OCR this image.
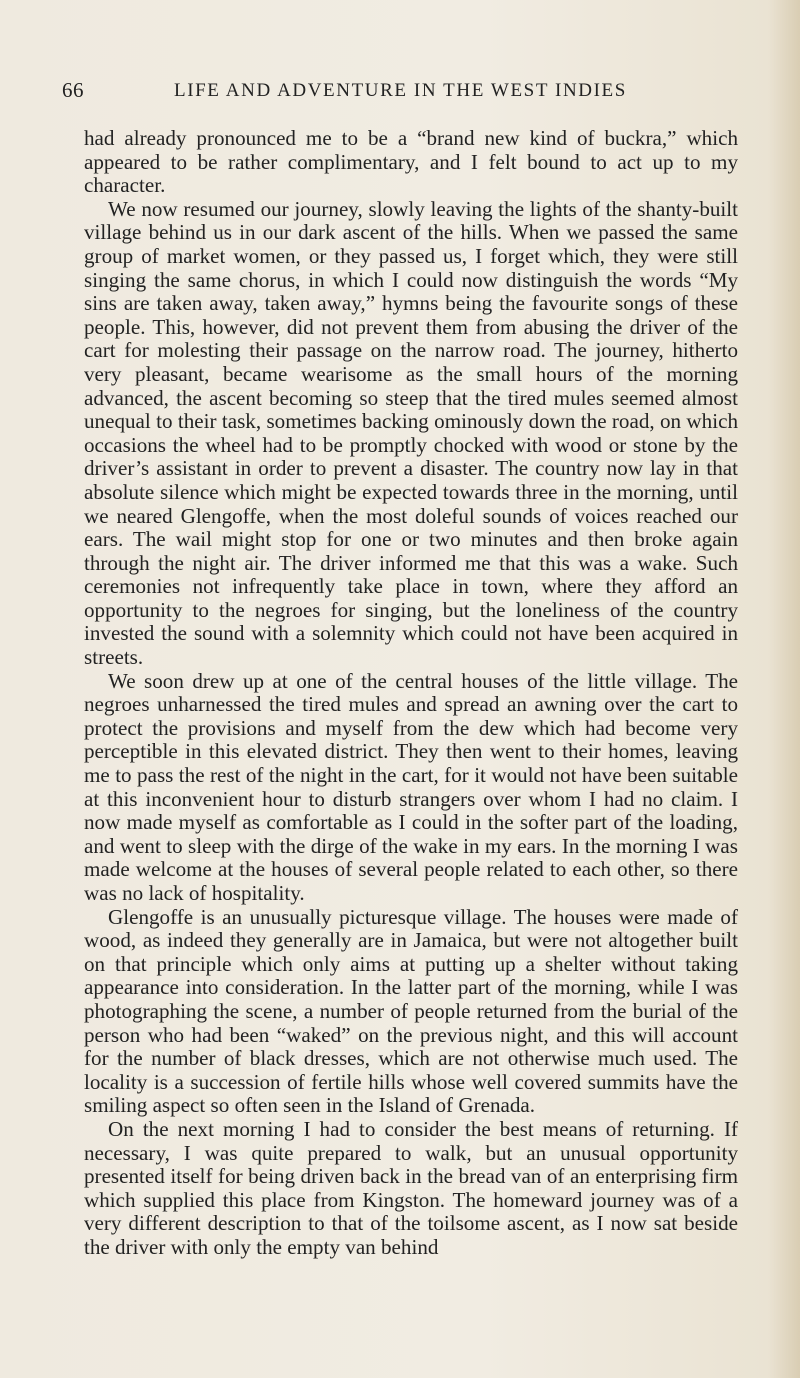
66	LIFE AND ADVENTURE IN THE WEST INDIES

had already pronounced me to be a “brand new kind of buckra,” which appeared to be rather complimentary, and I felt bound to act up to my character.

We now resumed our journey, slowly leaving the lights of the shanty-built village behind us in our dark ascent of the hills. When we passed the same group of market women, or they passed us, I forget which, they were still singing the same chorus, in which I could now distinguish the words “My sins are taken away, taken away,” hymns being the favourite songs of these people. This, however, did not prevent them from abusing the driver of the cart for molesting their passage on the narrow road. The journey, hitherto very pleasant, became wearisome as the small hours of the morning advanced, the ascent becoming so steep that the tired mules seemed almost unequal to their task, sometimes backing ominously down the road, on which occasions the wheel had to be promptly chocked with wood or stone by the driver’s assistant in order to prevent a disaster. The country now lay in that absolute silence which might be expected towards three in the morning, until we neared Glengoffe, when the most doleful sounds of voices reached our ears. The wail might stop for one or two minutes and then broke again through the night air. The driver informed me that this was a wake. Such ceremonies not infrequently take place in town, where they afford an opportunity to the negroes for singing, but the loneliness of the country invested the sound with a solemnity which could not have been acquired in streets.

We soon drew up at one of the central houses of the little village. The negroes unharnessed the tired mules and spread an awning over the cart to protect the provisions and myself from the dew which had become very perceptible in this elevated district. They then went to their homes, leaving me to pass the rest of the night in the cart, for it would not have been suitable at this inconvenient hour to disturb strangers over whom I had no claim. I now made myself as comfortable as I could in the softer part of the loading, and went to sleep with the dirge of the wake in my ears. In the morning I was made welcome at the houses of several people related to each other, so there was no lack of hospitality.

Glengoffe is an unusually picturesque village. The houses were made of wood, as indeed they generally are in Jamaica, but were not altogether built on that principle which only aims at putting up a shelter without taking appearance into consideration. In the latter part of the morning, while I was photographing the scene, a number of people returned from the burial of the person who had been “waked” on the previous night, and this will account for the number of black dresses, which are not otherwise much used. The locality is a succession of fertile hills whose well covered summits have the smiling aspect so often seen in the Island of Grenada.

On the next morning I had to consider the best means of returning. If necessary, I was quite prepared to walk, but an unusual opportunity presented itself for being driven back in the bread van of an enterprising firm which supplied this place from Kingston. The homeward journey was of a very different description to that of the toilsome ascent, as I now sat beside the driver with only the empty van behind
